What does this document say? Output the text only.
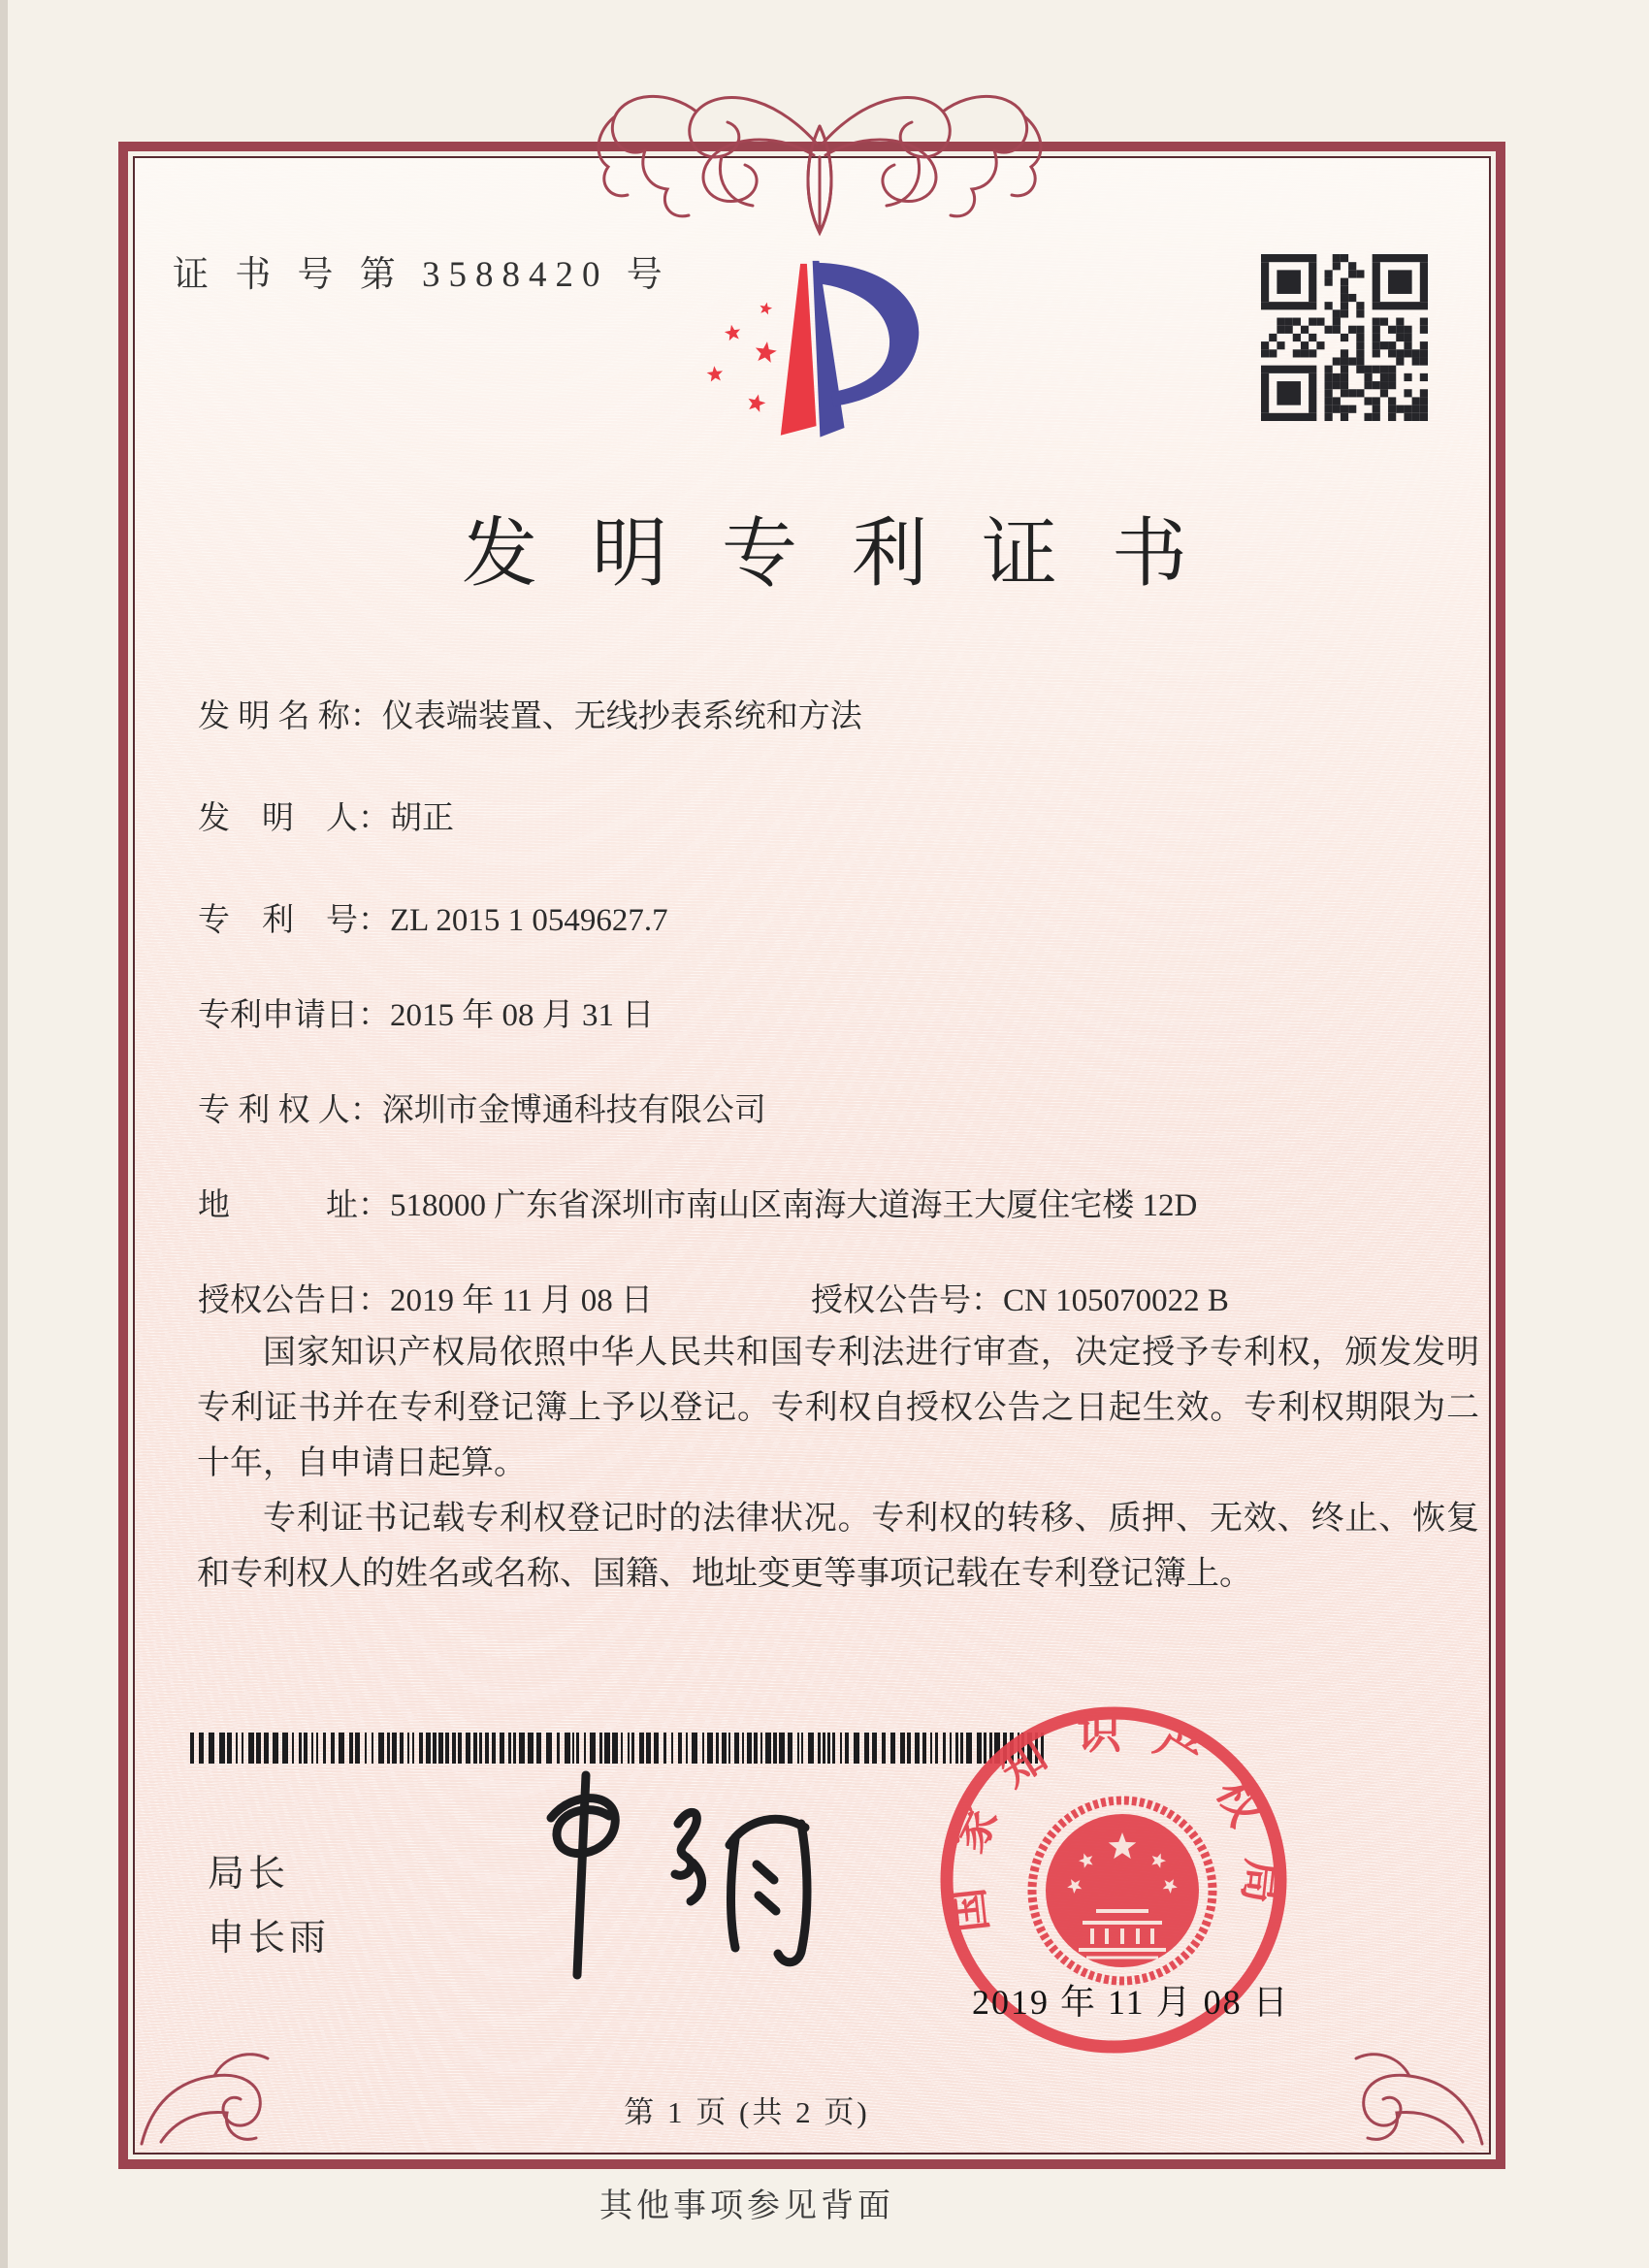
证 书 号 第 3588420 号
发明专利证书
发 明 名 称：仪表端装置、无线抄表系统和方法
发　明　人：胡正
专　利　号：ZL 2015 1 0549627.7
专利申请日：2015 年 08 月 31 日
专 利 权 人：深圳市金博通科技有限公司
地　　　址：518000 广东省深圳市南山区南海大道海王大厦住宅楼 12D
授权公告日：2019 年 11 月 08 日	授权公告号：CN 105070022 B

国家知识产权局依照中华人民共和国专利法进行审查，决定授予专利权，颁发发明专利证书并在专利登记簿上予以登记。专利权自授权公告之日起生效。专利权期限为二十年，自申请日起算。

专利证书记载专利权登记时的法律状况。专利权的转移、质押、无效、终止、恢复和专利权人的姓名或名称、国籍、地址变更等事项记载在专利登记簿上。

局长
申长雨
国家知识产权局
2019 年 11 月 08 日
第 1 页 (共 2 页)
其他事项参见背面
